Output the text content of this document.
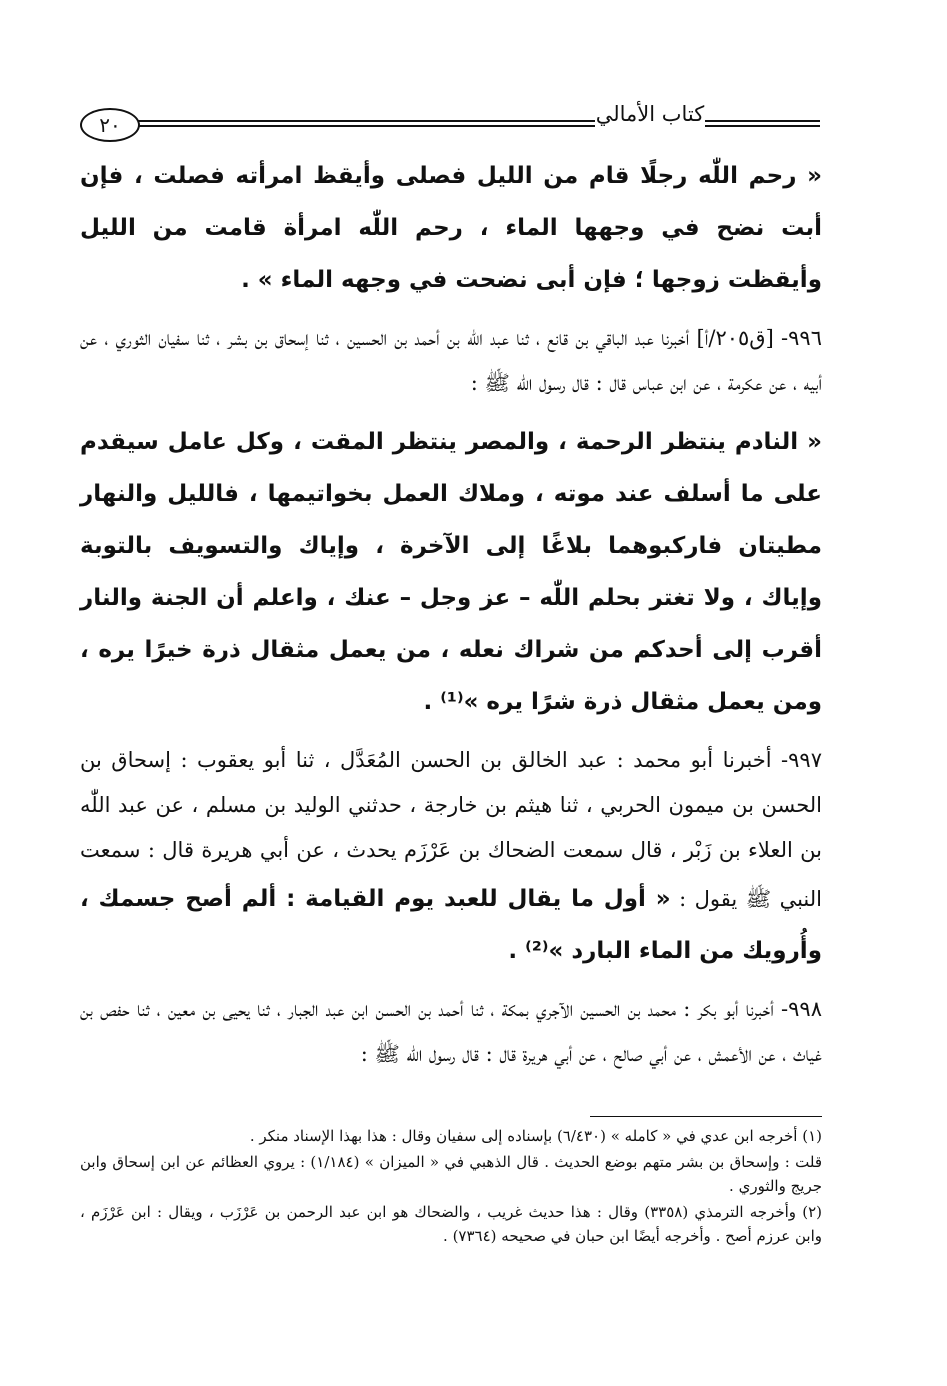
٢٠	كتاب الأمالي

« رحم اللّٰه رجلًا قام من الليل فصلى وأيقظ امرأته فصلت ، فإن أبت نضح في وجهها الماء ، رحم اللّٰه امرأة قامت من الليل وأيقظت زوجها ؛ فإن أبى نضحت في وجهه الماء » .

٩٩٦- [ق٢٠٥/أ] أخبرنا عبد الباقي بن قانع ، ثنا عبد اللّٰه بن أحمد بن الحسين ، ثنا إسحاق بن بشر ، ثنا سفيان الثوري ، عن أبيه ، عن عكرمة ، عن ابن عباس قال : قال رسول اللّٰه ﷺ :

« النادم ينتظر الرحمة ، والمصر ينتظر المقت ، وكل عامل سيقدم على ما أسلف عند موته ، وملاك العمل بخواتيمها ، فالليل والنهار مطيتان فاركبوهما بلاغًا إلى الآخرة ، وإياك والتسويف بالتوبة وإياك ، ولا تغتر بحلم اللّٰه – عز وجل – عنك ، واعلم أن الجنة والنار أقرب إلى أحدكم من شراك نعله ، من يعمل مثقال ذرة خيرًا يره ، ومن يعمل مثقال ذرة شرًا يره »⁽¹⁾ .

٩٩٧- أخبرنا أبو محمد : عبد الخالق بن الحسن المُعَدَّل ، ثنا أبو يعقوب : إسحاق بن الحسن بن ميمون الحربي ، ثنا هيثم بن خارجة ، حدثني الوليد بن مسلم ، عن عبد اللّٰه بن العلاء بن زَبْر ، قال سمعت الضحاك بن عَرْزَم يحدث ، عن أبي هريرة قال : سمعت النبي ﷺ يقول : « أول ما يقال للعبد يوم القيامة : ألم أصح جسمك ، وأُرويك من الماء البارد »⁽²⁾ .

٩٩٨- أخبرنا أبو بكر : محمد بن الحسين الآجري بمكة ، ثنا أحمد بن الحسن ابن عبد الجبار ، ثنا يحيى بن معين ، ثنا حفص بن غياث ، عن الأعمش ، عن أبي صالح ، عن أبي هريرة قال : قال رسول اللّٰه ﷺ :

(١) أخرجه ابن عدي في « كامله » (٦/٤٣٠) بإسناده إلى سفيان وقال : هذا بهذا الإسناد منكر .

قلت : وإسحاق بن بشر متهم بوضع الحديث . قال الذهبي في « الميزان » (١/١٨٤) : يروي العظائم عن ابن إسحاق وابن جريج والثوري .

(٢) وأخرجه الترمذي (٣٣٥٨) وقال : هذا حديث غريب ، والضحاك هو ابن عبد الرحمن بن عَرْزَب ، ويقال : ابن عَرْزَم ، وابن عرزم أصح . وأخرجه أيضًا ابن حبان في صحيحه (٧٣٦٤) .
